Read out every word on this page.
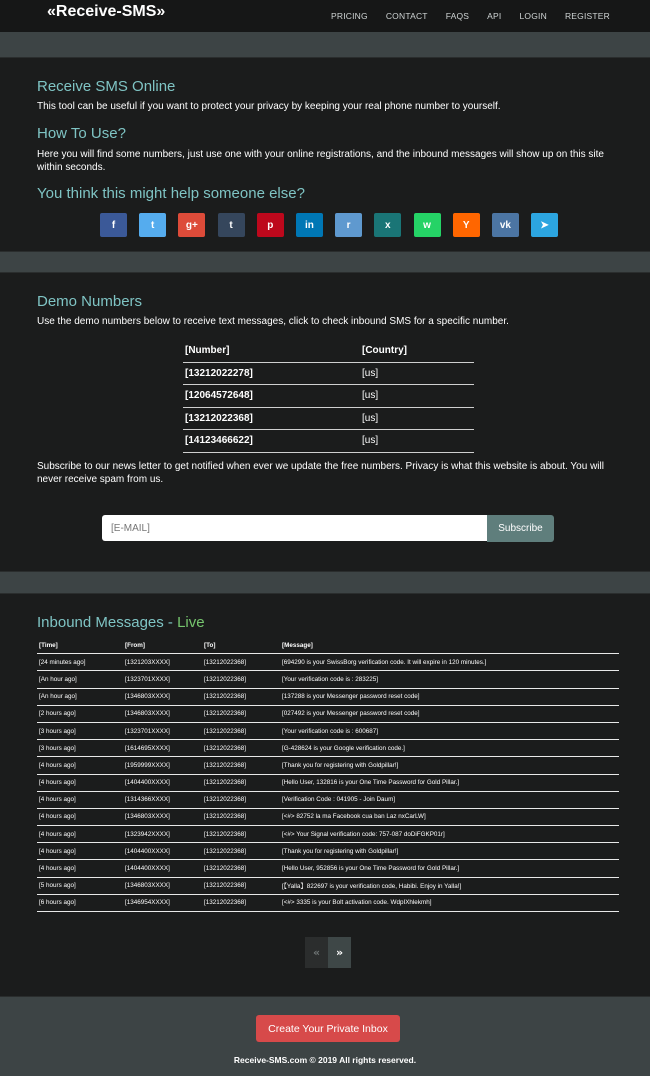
«Receive-SMS»	PRICING CONTACT FAQS API LOGIN REGISTER
Receive SMS Online
This tool can be useful if you want to protect your privacy by keeping your real phone number to yourself.
How To Use?
Here you will find some numbers, just use one with your online registrations, and the inbound messages will show up on this site within seconds.
You think this might help someone else?
f	t	g+	t	p	in	r	x	w	Y	vk	➤
Demo Numbers
Use the demo numbers below to receive text messages, click to check inbound SMS for a specific number.
[Number]	[Country]
[13212022278]	[us]
[12064572648]	[us]
[13212022368]	[us]
[14123466622]	[us]
Subscribe to our news letter to get notified when ever we update the free numbers. Privacy is what this website is about. You will never receive spam from us.
[E-MAIL]
Subscribe
Inbound Messages - Live
[Time]	[From]	[To]	[Message]
[24 minutes ago]	[1321203XXXX]	[13212022368]	[694290 is your SwissBorg verification code. It will expire in 120 minutes.]
[An hour ago]	[1323701XXXX]	[13212022368]	[Your verification code is : 283225]
[An hour ago]	[1346803XXXX]	[13212022368]	[137288 is your Messenger password reset code]
[2 hours ago]	[1346803XXXX]	[13212022368]	[027492 is your Messenger password reset code]
[3 hours ago]	[1323701XXXX]	[13212022368]	[Your verification code is : 600687]
[3 hours ago]	[1614695XXXX]	[13212022368]	[G-428624 is your Google verification code.]
[4 hours ago]	[1959999XXXX]	[13212022368]	[Thank you for registering with Goldpillar!]
[4 hours ago]	[1404400XXXX]	[13212022368]	[Hello User, 132816 is your One Time Password for Gold Pillar.]
[4 hours ago]	[1314366XXXX]	[13212022368]	[Verification Code : 041905 - Join Daum]
[4 hours ago]	[1346803XXXX]	[13212022368]	[<#> 82752 la ma Facebook cua ban Laz nxCarLW]
[4 hours ago]	[1323942XXXX]	[13212022368]	[<#> Your Signal verification code: 757-087 doDiFGKP01r]
[4 hours ago]	[1404400XXXX]	[13212022368]	[Thank you for registering with Goldpillar!]
[4 hours ago]	[1404400XXXX]	[13212022368]	[Hello User, 952856 is your One Time Password for Gold Pillar.]
[5 hours ago]	[1346803XXXX]	[13212022368]	[【Yalla】822697 is your verification code, Habibi. Enjoy in Yalla!]
[6 hours ago]	[1346954XXXX]	[13212022368]	[<#> 3335 is your Bolt activation code. WdpIXhlekmh]
«	»
Create Your Private Inbox
Receive-SMS.com © 2019 All rights reserved.
